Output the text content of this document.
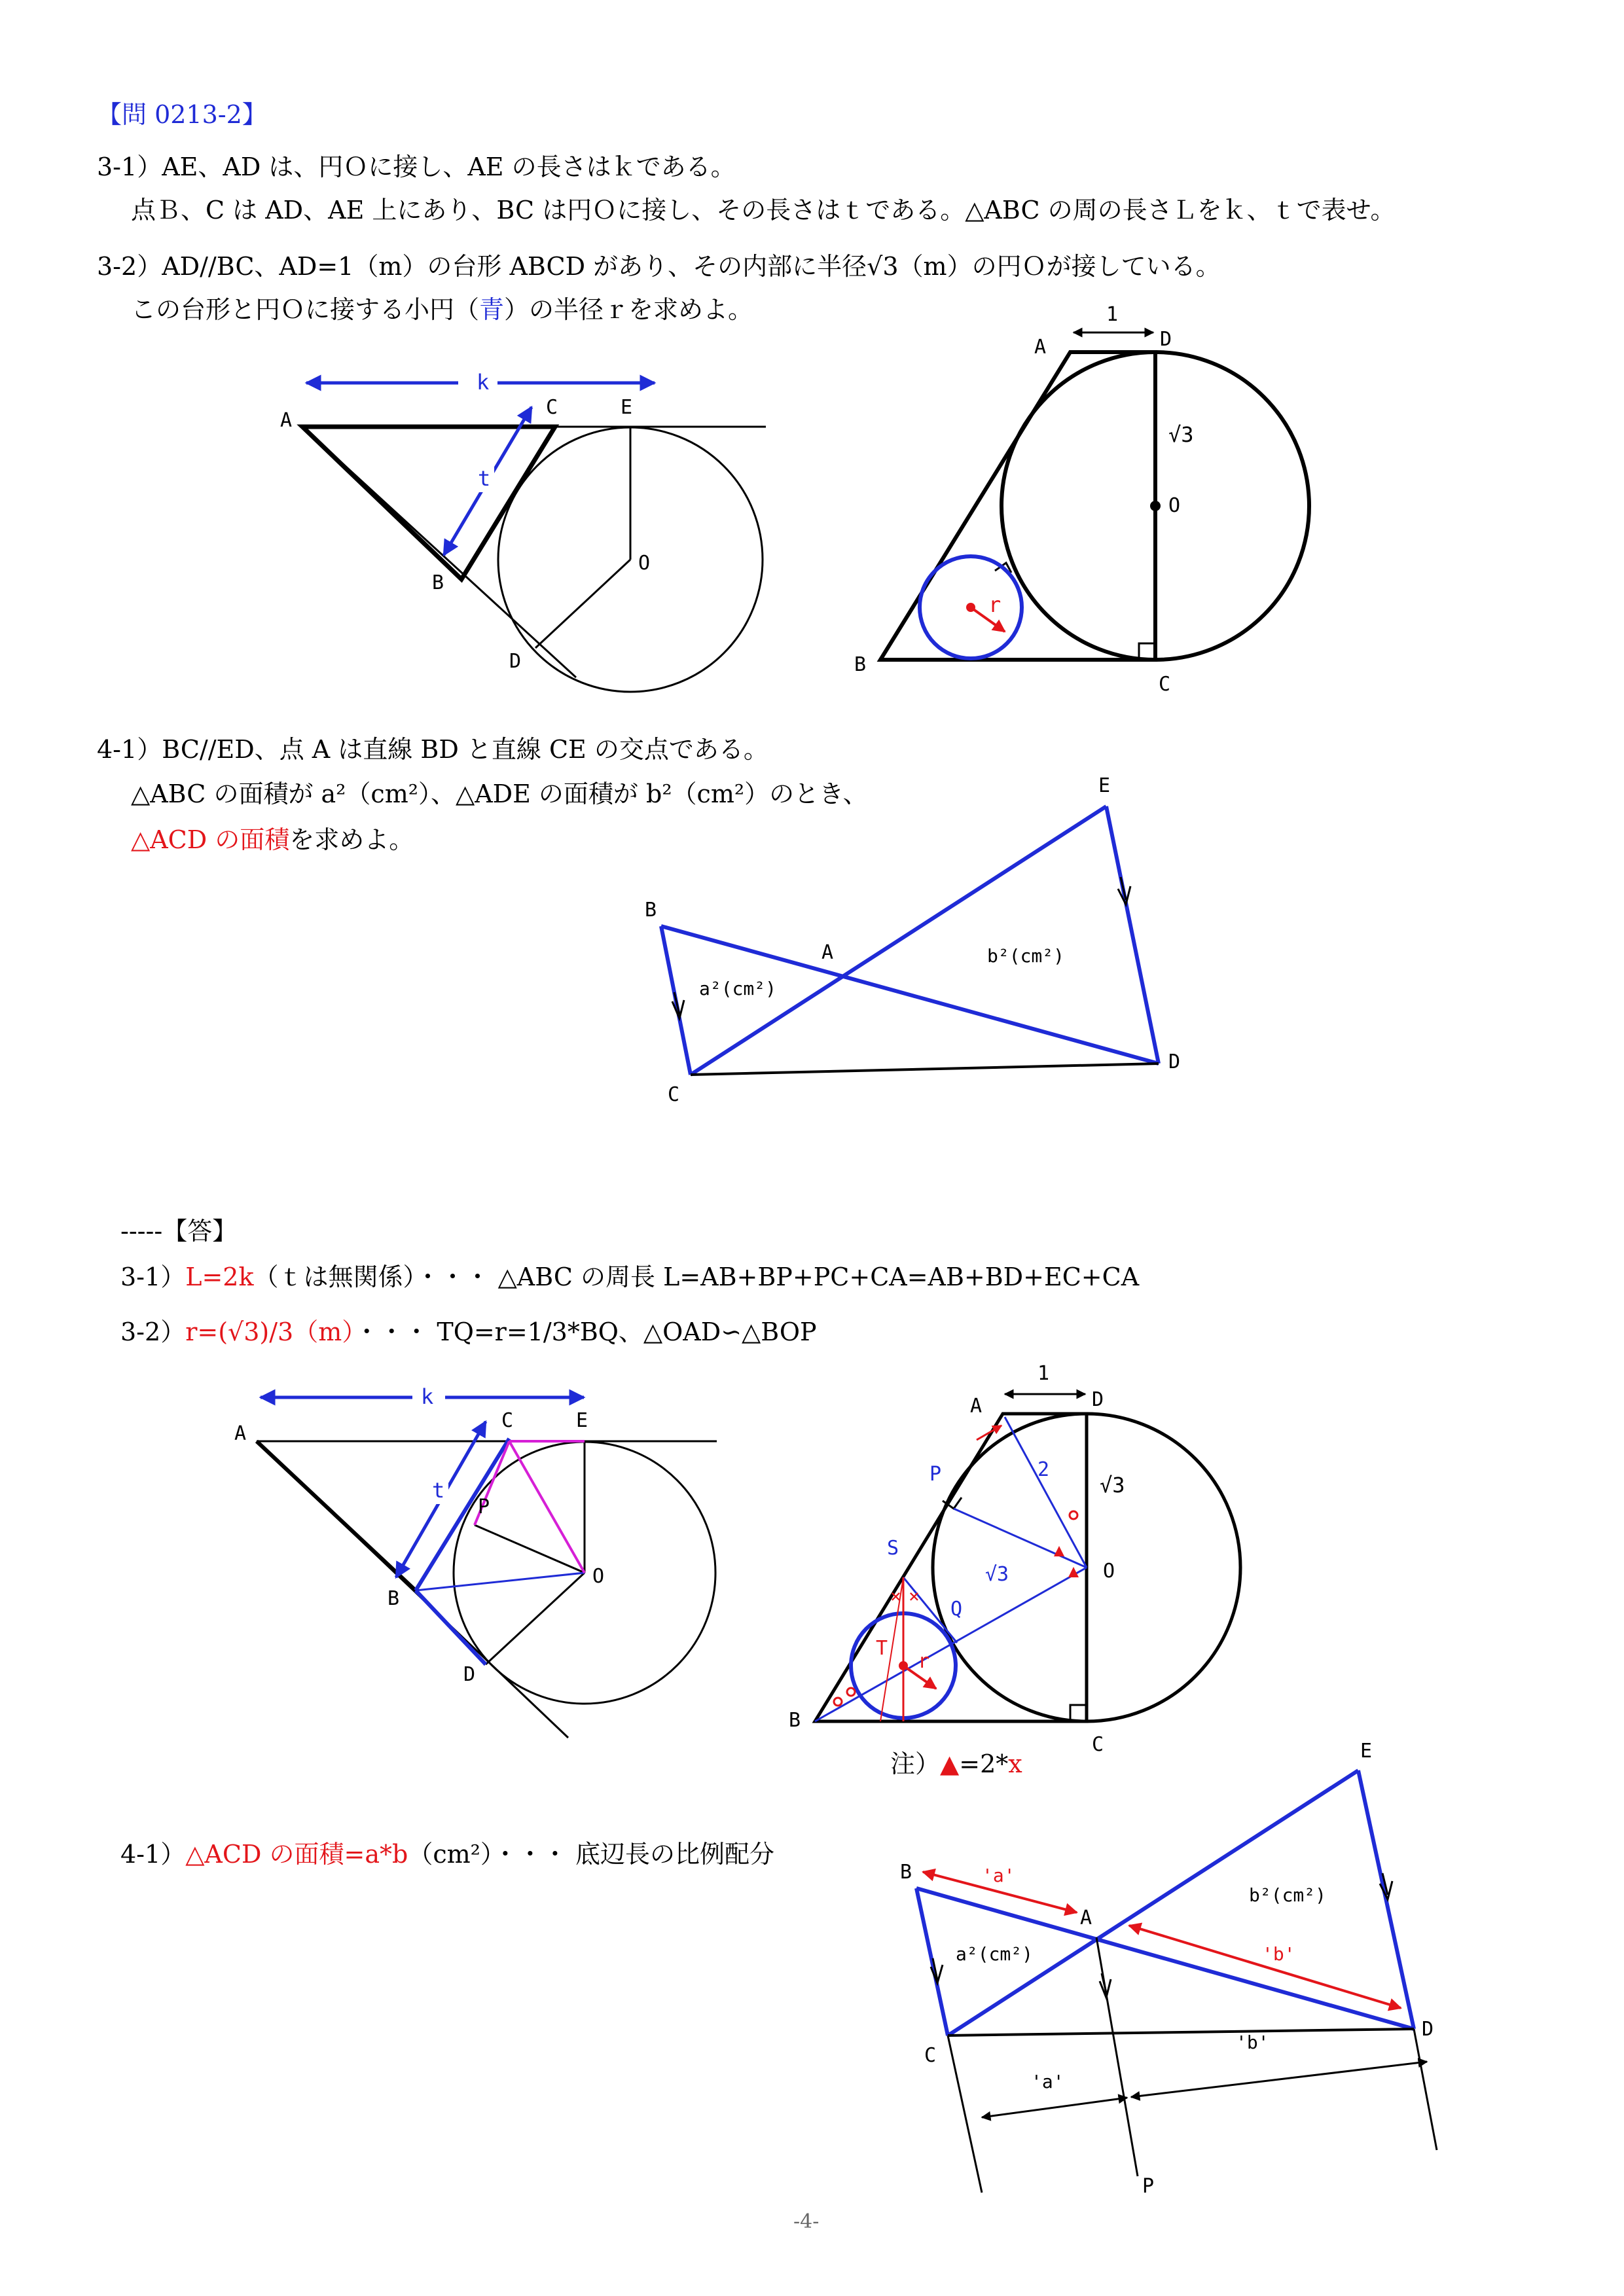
【問 0213-2】
3-1）AE、AD は、円Ｏに接し、AE の長さはｋである。
点Ｂ、C は AD、AE 上にあり、BC は円Ｏに接し、その長さはｔである。△ABC の周の長さＬをｋ、ｔで表せ。
3-2）AD//BC、AD=1（m）の台形 ABCD があり、その内部に半径√3（m）の円Ｏが接している。
この台形と円Ｏに接する小円（青）の半径ｒを求めよ。
4-1）BC//ED、点 A は直線 BD と直線 CE の交点である。
△ABC の面積が a²（cm²）、△ADE の面積が b²（cm²）のとき、
△ACD の面積を求めよ。
-----【答】
3-1）L=2k（ｔは無関係）・・・ △ABC の周長 L=AB+BP+PC+CA=AB+BD+EC+CA
3-2）r=(√3)/3（m）・・・ TQ=r=1/3*BQ、△OAD∽△BOP
4-1）△ACD の面積=a*b（cm²）・・・ 底辺長の比例配分
注）▲=2*x
-4-
k
t
A
C	E
B
O
D
1
A	D
√3
O
B
C
r
B
A
E
C
D
a²(cm²)
b²(cm²)
k
t
A
C	E
P
B
O
D
× ×
1
A	D
2
√3
O
P
S
√3
Q
T
r
B
C
'a'
'b'
'a'
'b'
B
A
E
C
D
P
a²(cm²)
b²(cm²)
